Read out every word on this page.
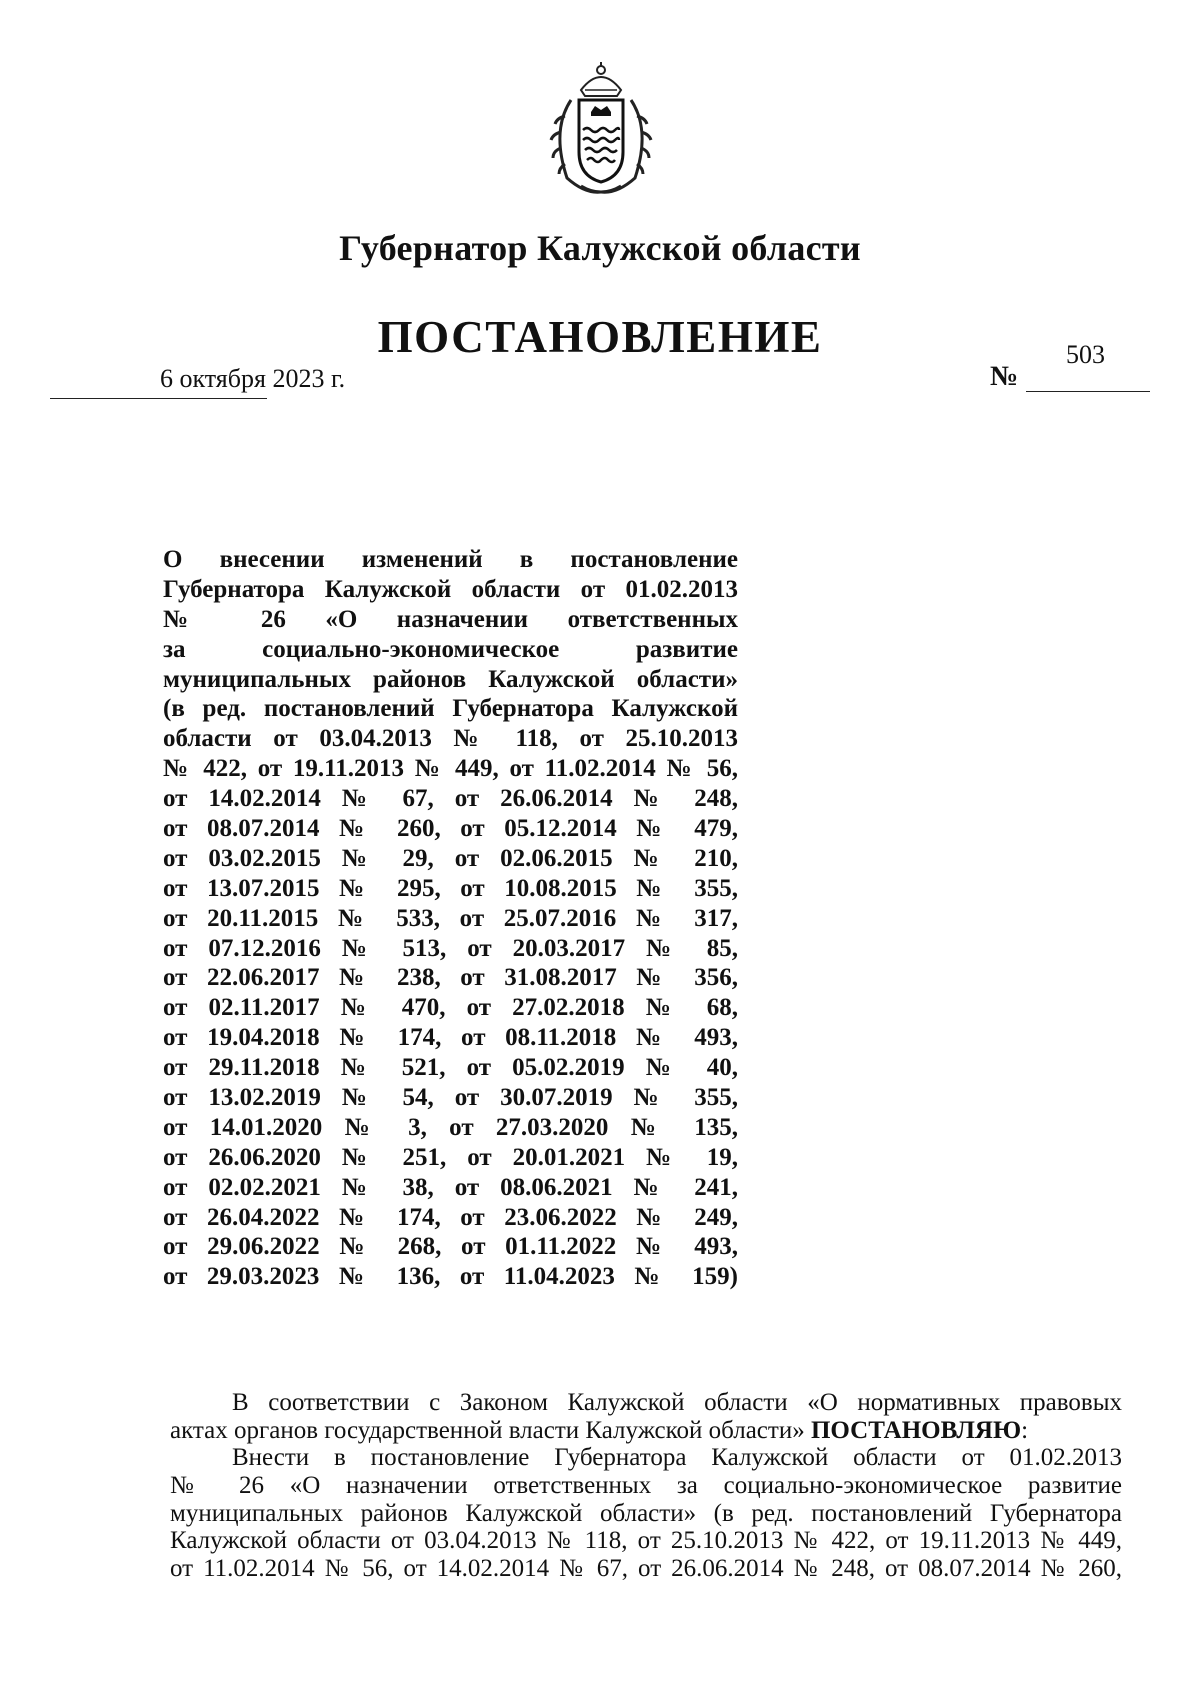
Губернатор Калужской области
ПОСТАНОВЛЕНИЕ
6 октября 2023 г.
503
№
О внесении изменений в постановление
Губернатора Калужской области от 01.02.2013
№ 26 «О назначении ответственных
за социально-экономическое развитие
муниципальных районов Калужской области»
(в ред. постановлений Губернатора Калужской
области от 03.04.2013 № 118, от 25.10.2013
№ 422, от 19.11.2013 № 449, от 11.02.2014 № 56,
от 14.02.2014 № 67, от 26.06.2014 № 248,
от 08.07.2014 № 260, от 05.12.2014 № 479,
от 03.02.2015 № 29, от 02.06.2015 № 210,
от 13.07.2015 № 295, от 10.08.2015 № 355,
от 20.11.2015 № 533, от 25.07.2016 № 317,
от 07.12.2016 № 513, от 20.03.2017 № 85,
от 22.06.2017 № 238, от 31.08.2017 № 356,
от 02.11.2017 № 470, от 27.02.2018 № 68,
от 19.04.2018 № 174, от 08.11.2018 № 493,
от 29.11.2018 № 521, от 05.02.2019 № 40,
от 13.02.2019 № 54, от 30.07.2019 № 355,
от 14.01.2020 № 3, от 27.03.2020 № 135,
от 26.06.2020 № 251, от 20.01.2021 № 19,
от 02.02.2021 № 38, от 08.06.2021 № 241,
от 26.04.2022 № 174, от 23.06.2022 № 249,
от 29.06.2022 № 268, от 01.11.2022 № 493,
от 29.03.2023 № 136, от 11.04.2023 № 159)
В соответствии с Законом Калужской области «О нормативных правовых
актах органов государственной власти Калужской области» ПОСТАНОВЛЯЮ:
Внести в постановление Губернатора Калужской области от 01.02.2013
№ 26 «О назначении ответственных за социально-экономическое развитие
муниципальных районов Калужской области» (в ред. постановлений Губернатора
Калужской области от 03.04.2013 № 118, от 25.10.2013 № 422, от 19.11.2013 № 449,
от 11.02.2014 № 56, от 14.02.2014 № 67, от 26.06.2014 № 248, от 08.07.2014 № 260,
